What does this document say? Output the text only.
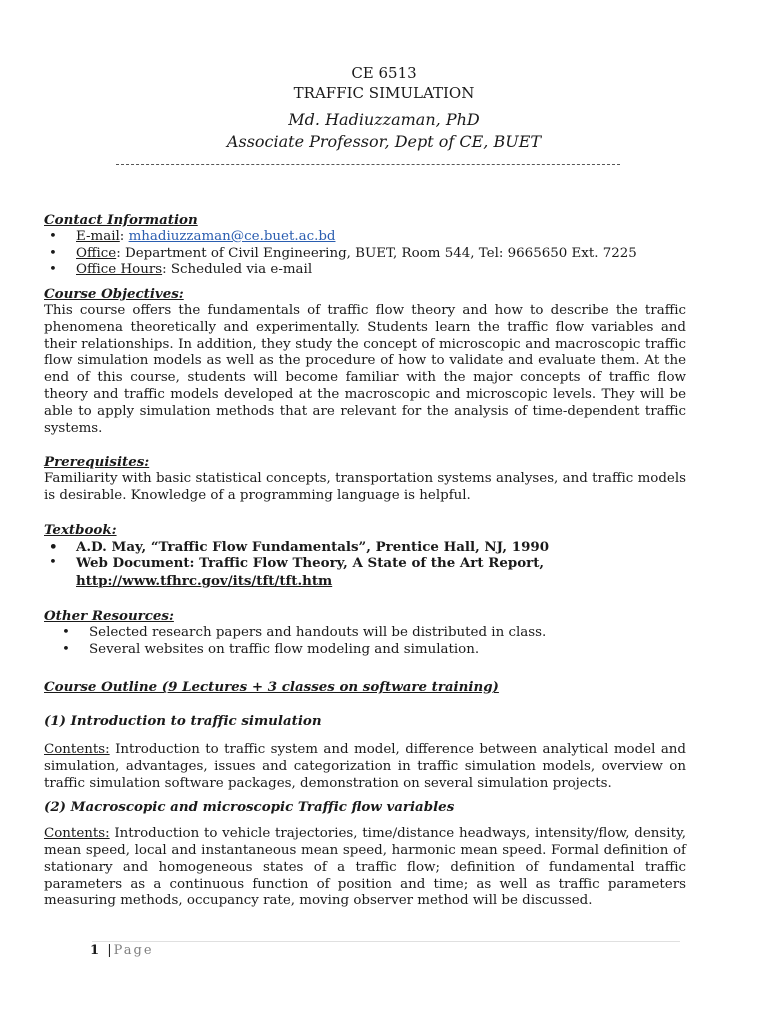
CE 6513
TRAFFIC SIMULATION
Md. Hadiuzzaman, PhD
Associate Professor, Dept of CE, BUET

Contact Information

• E-mail: mhadiuzzaman@ce.buet.ac.bd
• Office: Department of Civil Engineering, BUET, Room 544, Tel: 9665650 Ext. 7225
• Office Hours: Scheduled via e-mail

Course Objectives:

This course offers the fundamentals of traffic flow theory and how to describe the traffic phenomena theoretically and experimentally. Students learn the traffic flow variables and their relationships. In addition, they study the concept of microscopic and macroscopic traffic flow simulation models as well as the procedure of how to validate and evaluate them. At the end of this course, students will become familiar with the major concepts of traffic flow theory and traffic models developed at the macroscopic and microscopic levels. They will be able to apply simulation methods that are relevant for the analysis of time-dependent traffic systems.

Prerequisites:

Familiarity with basic statistical concepts, transportation systems analyses, and traffic models is desirable. Knowledge of a programming language is helpful.

Textbook:

• A.D. May, “Traffic Flow Fundamentals”, Prentice Hall, NJ, 1990
• Web Document: Traffic Flow Theory, A State of the Art Report,
http://www.tfhrc.gov/its/tft/tft.htm

Other Resources:

• Selected research papers and handouts will be distributed in class.
• Several websites on traffic flow modeling and simulation.

Course Outline (9 Lectures + 3 classes on software training)

(1) Introduction to traffic simulation

Contents: Introduction to traffic system and model, difference between analytical model and simulation, advantages, issues and categorization in traffic simulation models, overview on traffic simulation software packages, demonstration on several simulation projects.

(2) Macroscopic and microscopic Traffic flow variables

Contents: Introduction to vehicle trajectories, time/distance headways, intensity/flow, density, mean speed, local and instantaneous mean speed, harmonic mean speed. Formal definition of stationary and homogeneous states of a traffic flow; definition of fundamental traffic parameters as a continuous function of position and time; as well as traffic parameters measuring methods, occupancy rate, moving observer method will be discussed.

1 |Page
